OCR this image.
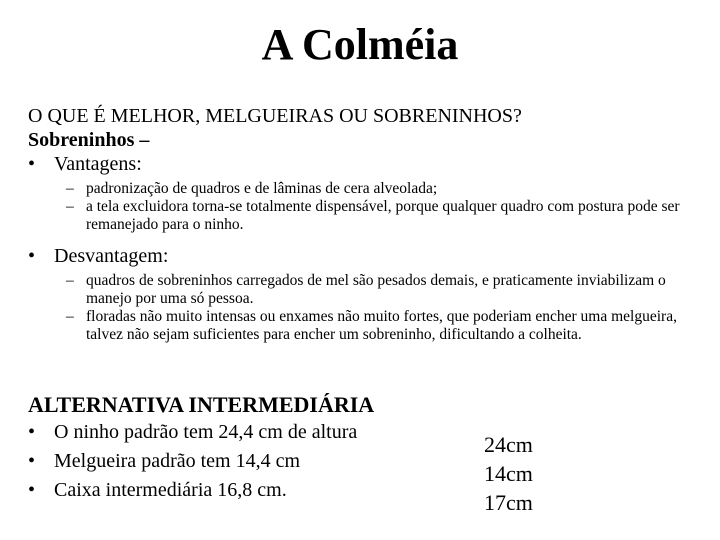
A Colméia
O QUE É MELHOR, MELGUEIRAS OU SOBRENINHOS?
Sobreninhos –
• Vantagens:
– padronização de quadros e de lâminas de cera alveolada;
– a tela excluidora torna-se totalmente dispensável, porque qualquer quadro com postura pode ser remanejado para o ninho.
• Desvantagem:
– quadros de sobreninhos carregados de mel são pesados demais, e praticamente inviabilizam o manejo por uma só pessoa.
– floradas não muito intensas ou enxames não muito fortes, que poderiam encher uma melgueira, talvez não sejam suficientes para encher um sobreninho, dificultando a colheita.
ALTERNATIVA INTERMEDIÁRIA
• O ninho padrão tem 24,4 cm de altura
• Melgueira padrão tem 14,4 cm
• Caixa intermediária 16,8 cm.
24cm
14cm
17cm
